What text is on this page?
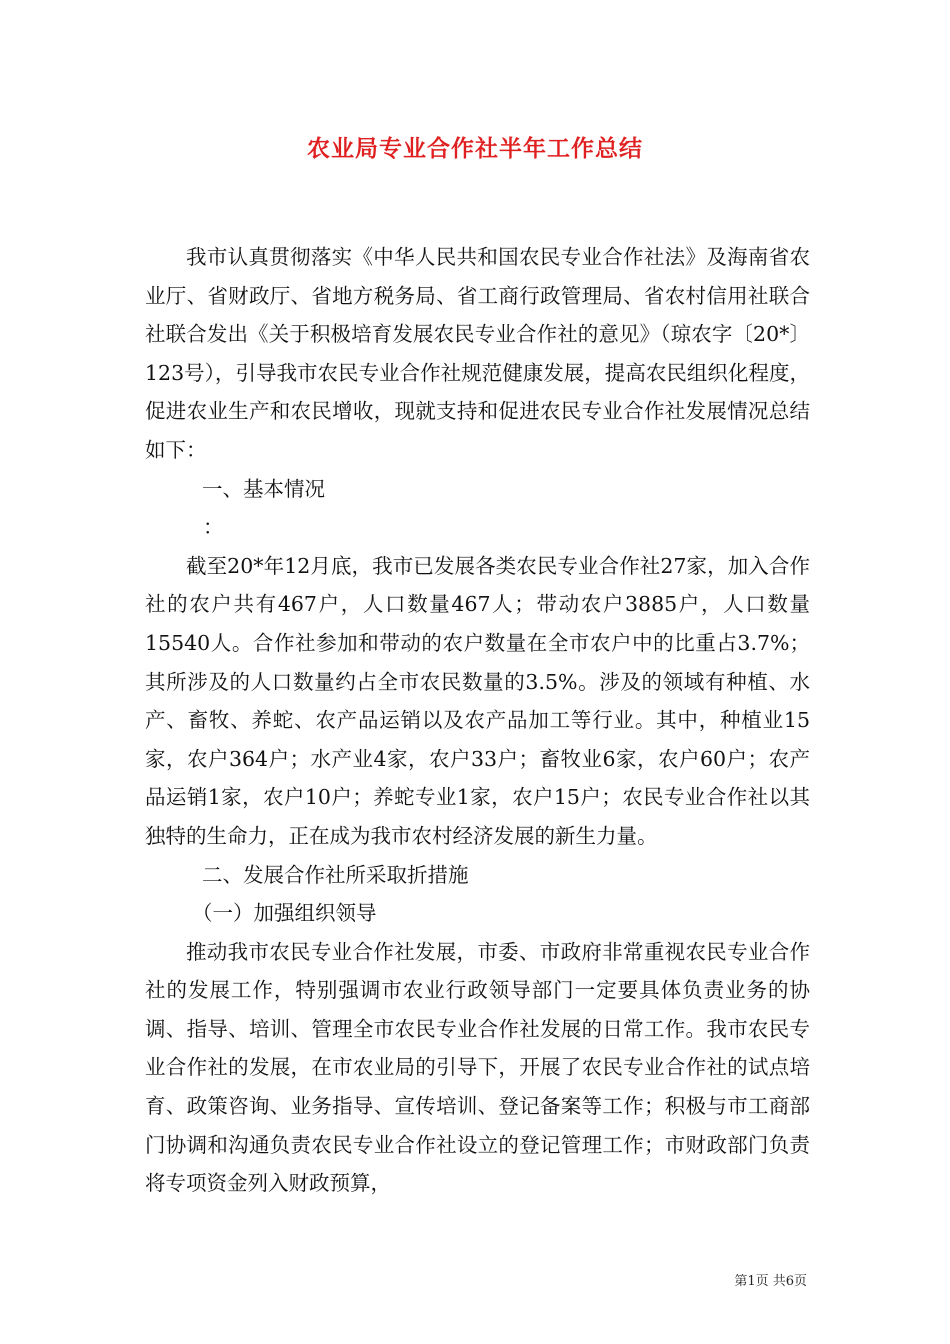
农业局专业合作社半年工作总结

我市认真贯彻落实《中华人民共和国农民专业合作社法》及海南省农业厅、省财政厅、省地方税务局、省工商行政管理局、省农村信用社联合社联合发出《关于积极培育发展农民专业合作社的意见》（琼农字〔20*〕123号），引导我市农民专业合作社规范健康发展，提高农民组织化程度，促进农业生产和农民增收，现就支持和促进农民专业合作社发展情况总结如下：

一、基本情况

：

截至20*年12月底，我市已发展各类农民专业合作社27家，加入合作社的农户共有467户，人口数量467人；带动农户3885户，人口数量15540人。合作社参加和带动的农户数量在全市农户中的比重占3.7%；其所涉及的人口数量约占全市农民数量的3.5%。涉及的领域有种植、水产、畜牧、养蛇、农产品运销以及农产品加工等行业。其中，种植业15家，农户364户；水产业4家，农户33户；畜牧业6家，农户60户；农产品运销1家，农户10户；养蛇专业1家，农户15户；农民专业合作社以其独特的生命力，正在成为我市农村经济发展的新生力量。

二、发展合作社所采取折措施

（一）加强组织领导

推动我市农民专业合作社发展，市委、市政府非常重视农民专业合作社的发展工作，特别强调市农业行政领导部门一定要具体负责业务的协调、指导、培训、管理全市农民专业合作社发展的日常工作。我市农民专业合作社的发展，在市农业局的引导下，开展了农民专业合作社的试点培育、政策咨询、业务指导、宣传培训、登记备案等工作；积极与市工商部门协调和沟通负责农民专业合作社设立的登记管理工作；市财政部门负责将专项资金列入财政预算，

第1页 共6页
